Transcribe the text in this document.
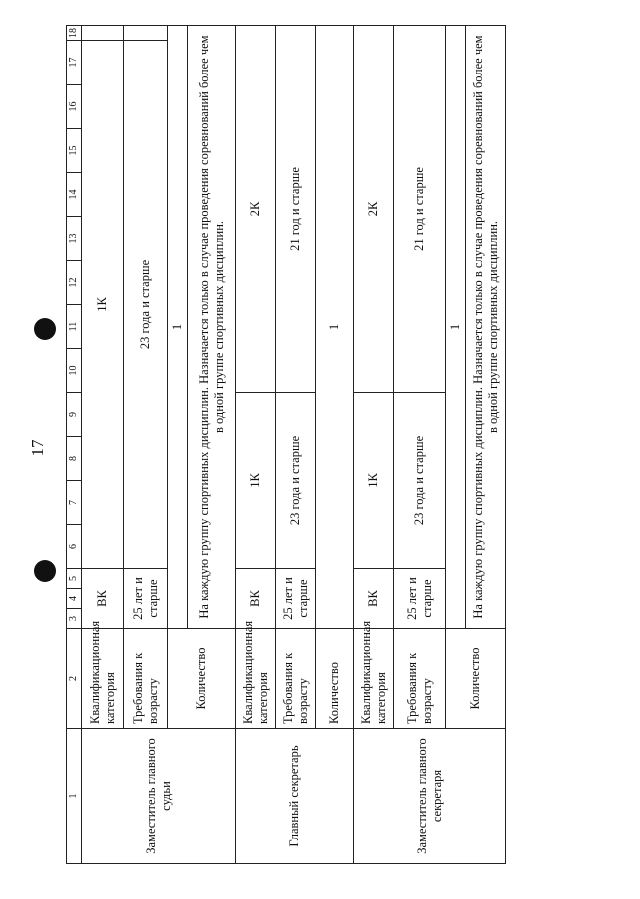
17
1	2	3	4	5	6	7	8	9	10	11	12	13	14	15	16	17	18	
Заместитель главного судьи	Квалификационная категория	ВК			1К													
	Требования к возрасту	25 лет и старше			23 года и старше													
	Количество	1																
		На каждую группу спортивных дисциплин. Назначается только в случае проведения соревнований более чем в одной группе спортивных дисциплин.																
Главный секретарь	Квалификационная категория	ВК			1К				2К									
	Требования к возрасту	25 лет и старше			23 года и старше				21 год и старше									
	Количество	1																
Заместитель главного секретаря	Квалификационная категория	ВК			1К				2К									
	Требования к возрасту	25 лет и старше			23 года и старше				21 год и старше									
	Количество	1																
		На каждую группу спортивных дисциплин. Назначается только в случае проведения соревнований более чем в одной группе спортивных дисциплин.																
